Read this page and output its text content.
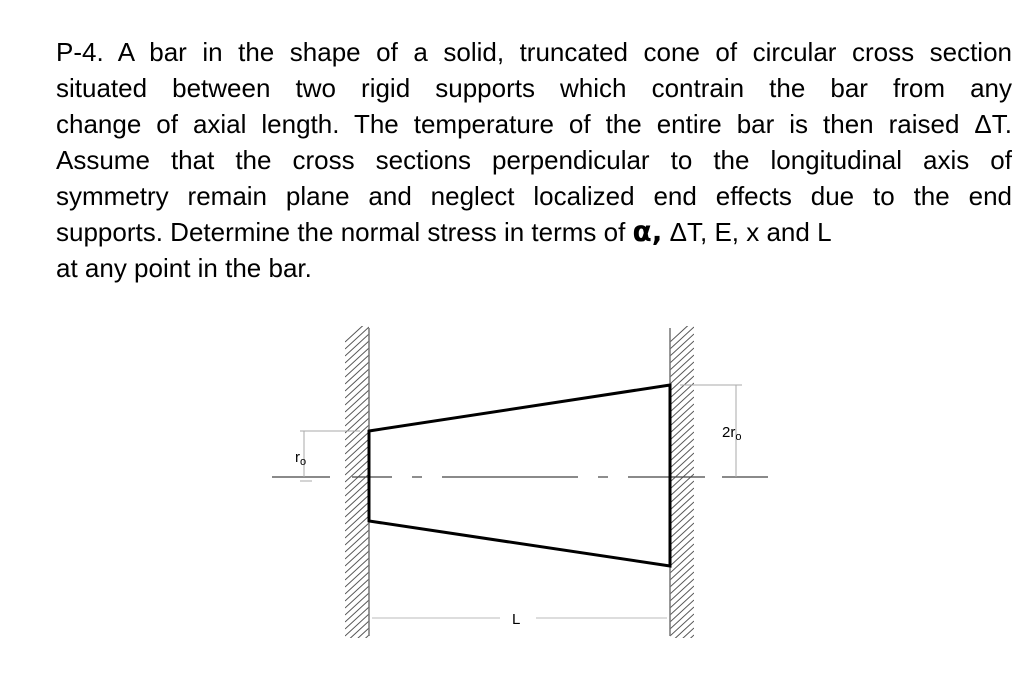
P-4. A bar in the shape of a solid, truncated cone of circular cross section
situated between two rigid supports which contrain the bar from any
change of axial length. The temperature of the entire bar is then raised ΔT.
Assume that the cross sections perpendicular to the longitudinal axis of
symmetry remain plane and neglect localized end effects due to the end
supports. Determine the normal stress in terms of α, ΔT, E, x and L
at any point in the bar.
$r_o$
$2r_o$
L
